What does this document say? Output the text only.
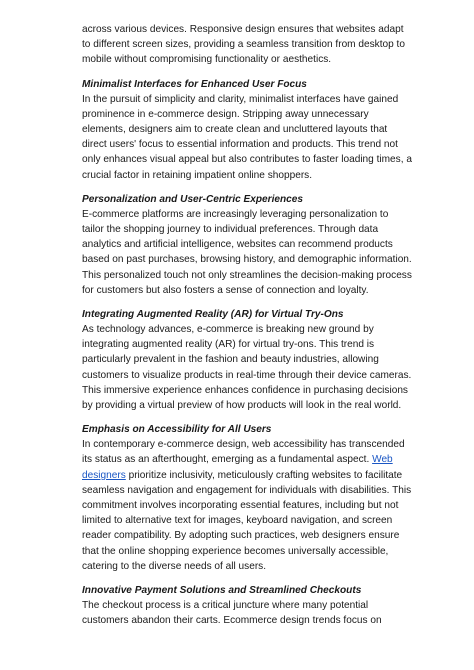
across various devices. Responsive design ensures that websites adapt to different screen sizes, providing a seamless transition from desktop to mobile without compromising functionality or aesthetics.

Minimalist Interfaces for Enhanced User Focus

In the pursuit of simplicity and clarity, minimalist interfaces have gained prominence in e-commerce design. Stripping away unnecessary elements, designers aim to create clean and uncluttered layouts that direct users' focus to essential information and products. This trend not only enhances visual appeal but also contributes to faster loading times, a crucial factor in retaining impatient online shoppers.

Personalization and User-Centric Experiences

E-commerce platforms are increasingly leveraging personalization to tailor the shopping journey to individual preferences. Through data analytics and artificial intelligence, websites can recommend products based on past purchases, browsing history, and demographic information. This personalized touch not only streamlines the decision-making process for customers but also fosters a sense of connection and loyalty.

Integrating Augmented Reality (AR) for Virtual Try-Ons

As technology advances, e-commerce is breaking new ground by integrating augmented reality (AR) for virtual try-ons. This trend is particularly prevalent in the fashion and beauty industries, allowing customers to visualize products in real-time through their device cameras. This immersive experience enhances confidence in purchasing decisions by providing a virtual preview of how products will look in the real world.

Emphasis on Accessibility for All Users

In contemporary e-commerce design, web accessibility has transcended its status as an afterthought, emerging as a fundamental aspect. Web designers prioritize inclusivity, meticulously crafting websites to facilitate seamless navigation and engagement for individuals with disabilities. This commitment involves incorporating essential features, including but not limited to alternative text for images, keyboard navigation, and screen reader compatibility. By adopting such practices, web designers ensure that the online shopping experience becomes universally accessible, catering to the diverse needs of all users.

Innovative Payment Solutions and Streamlined Checkouts

The checkout process is a critical juncture where many potential customers abandon their carts. Ecommerce design trends focus on
